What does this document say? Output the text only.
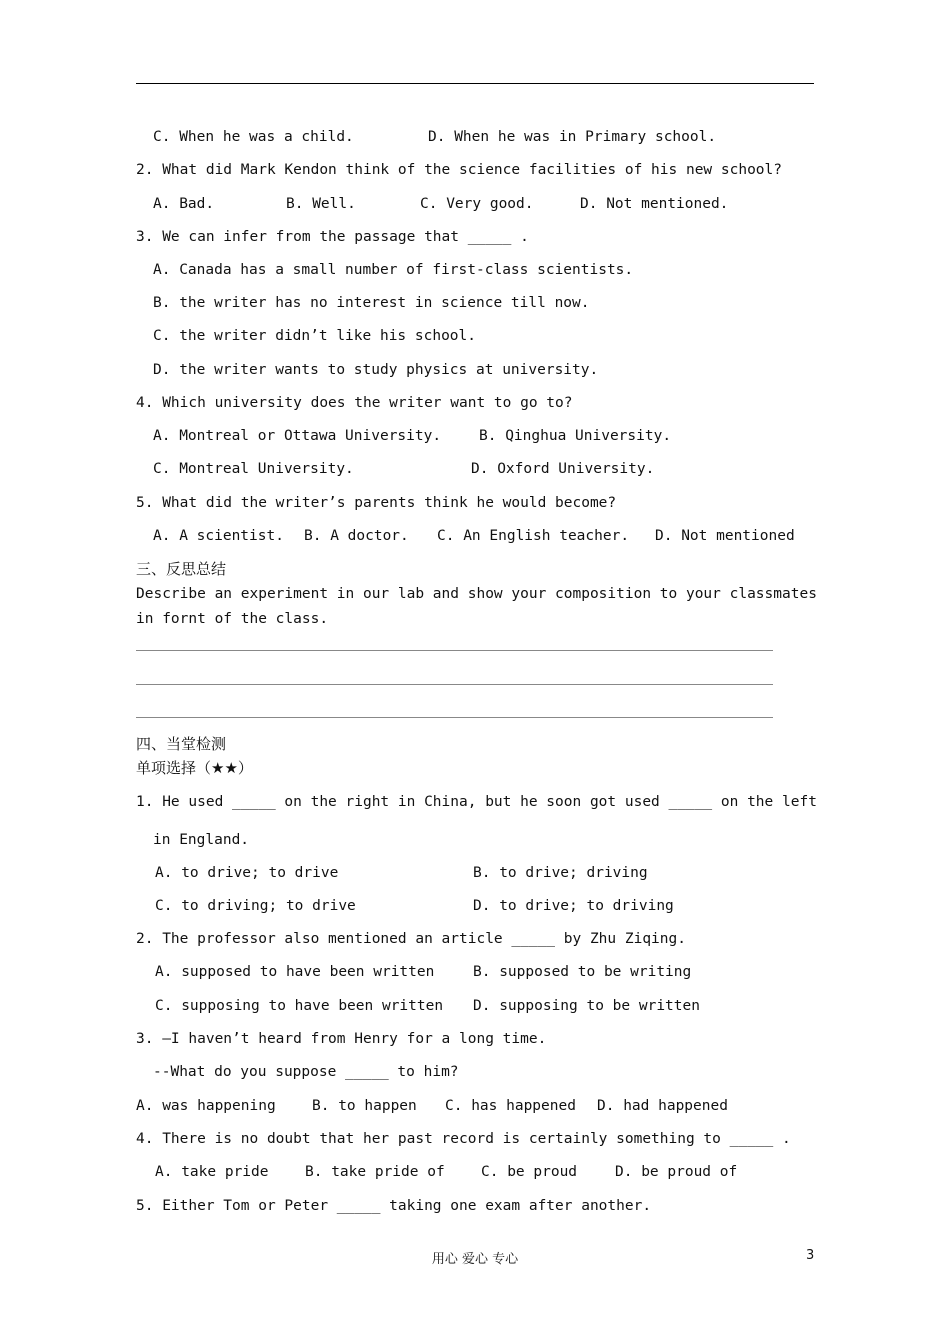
C. When he was a child.	D. When he was in Primary school.
2. What did Mark Kendon think of the science facilities of his new school?
A. Bad.	B. Well.	C. Very good.	D. Not mentioned.
3. We can infer from the passage that _____ .
A. Canada has a small number of first-class scientists.
B. the writer has no interest in science till now.
C. the writer didn’t like his school.
D. the writer wants to study physics at university.
4. Which university does the writer want to go to?
A. Montreal or Ottawa University.	B. Qinghua University.
C. Montreal University.	D. Oxford University.
5. What did the writer’s parents think he would become?
A. A scientist. B. A doctor. C. An English teacher. D. Not mentioned
三、反思总结
Describe an experiment in our lab and show your composition to your classmates
in fornt of the class.
四、当堂检测
单项选择（★★）
1. He used _____ on the right in China, but he soon got used _____ on the left
in England.
A. to drive; to drive	B. to drive; driving
C. to driving; to drive	D. to drive; to driving
2. The professor also mentioned an article _____ by Zhu Ziqing.
A. supposed to have been written	B. supposed to be writing
C. supposing to have been written D. supposing to be written
3. –I haven’t heard from Henry for a long time.
--What do you suppose _____ to him?
A. was happening	B. to happen C. has happened D. had happened
4. There is no doubt that her past record is certainly something to _____ .
A. take pride	B. take pride of	C. be proud	D. be proud of
5. Either Tom or Peter _____ taking one exam after another.
用心 爱心 专心	3
